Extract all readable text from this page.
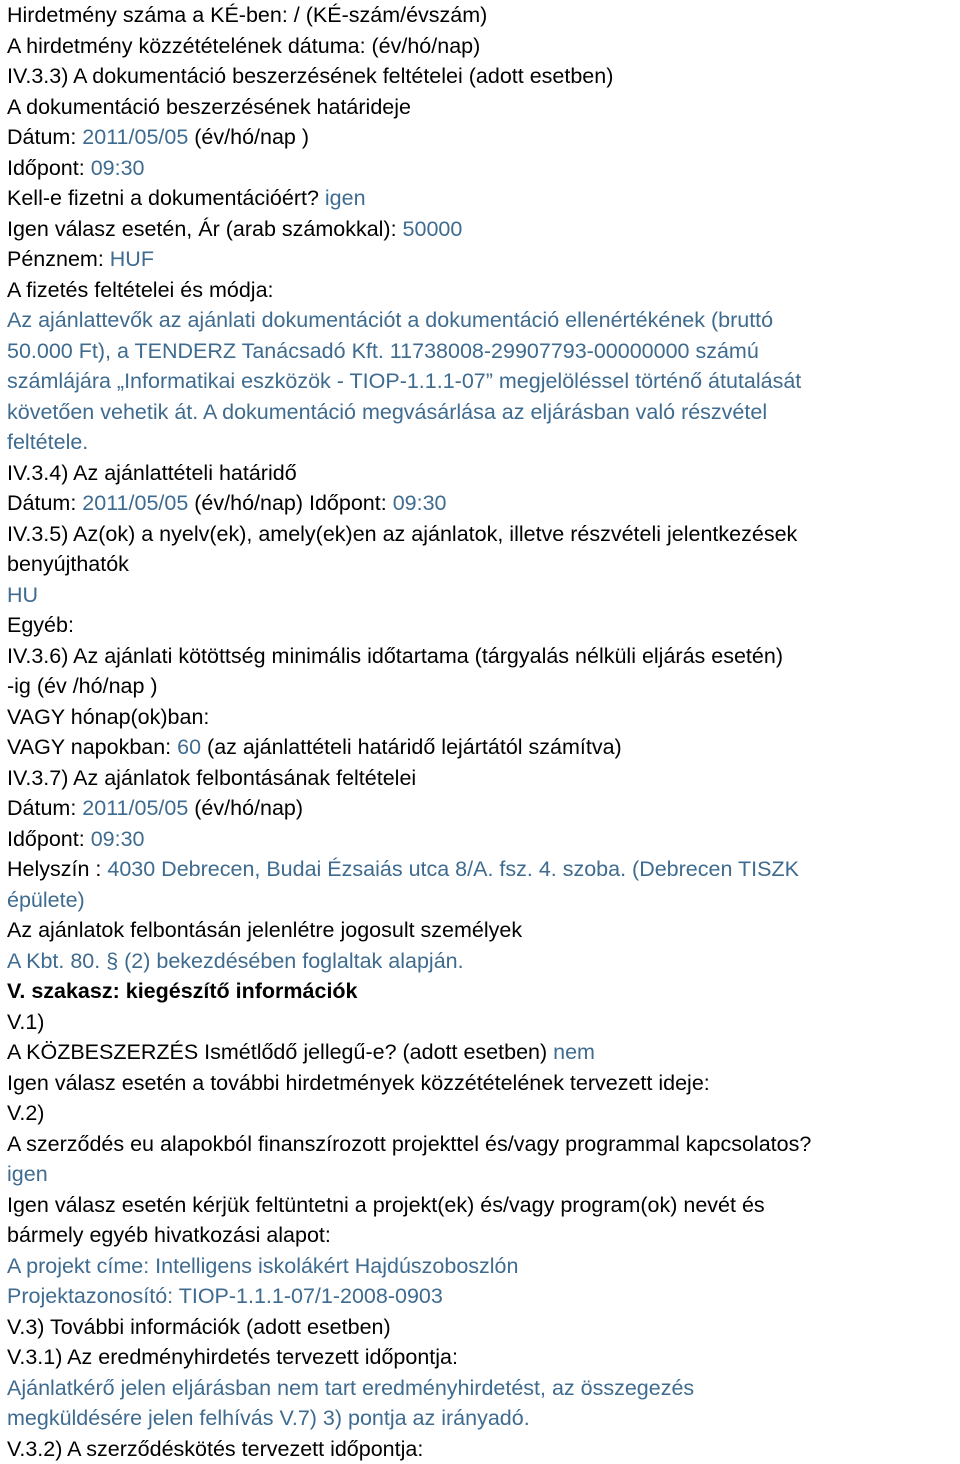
Hirdetmény száma a KÉ-ben: / (KÉ-szám/évszám)
A hirdetmény közzétételének dátuma: (év/hó/nap)
IV.3.3) A dokumentáció beszerzésének feltételei (adott esetben)
A dokumentáció beszerzésének határideje
Dátum: 2011/05/05 (év/hó/nap )
Időpont: 09:30
Kell-e fizetni a dokumentációért? igen
Igen válasz esetén, Ár (arab számokkal): 50000
Pénznem: HUF
A fizetés feltételei és módja:
Az ajánlattevők az ajánlati dokumentációt a dokumentáció ellenértékének (bruttó
50.000 Ft), a TENDERZ Tanácsadó Kft. 11738008-29907793-00000000 számú
számlájára „Informatikai eszközök - TIOP-1.1.1-07” megjelöléssel történő átutalását
követően vehetik át. A dokumentáció megvásárlása az eljárásban való részvétel
feltétele.
IV.3.4) Az ajánlattételi határidő
Dátum: 2011/05/05 (év/hó/nap) Időpont: 09:30
IV.3.5) Az(ok) a nyelv(ek), amely(ek)en az ajánlatok, illetve részvételi jelentkezések
benyújthatók
HU
Egyéb:
IV.3.6) Az ajánlati kötöttség minimális időtartama (tárgyalás nélküli eljárás esetén)
-ig (év /hó/nap )
VAGY hónap(ok)ban:
VAGY napokban: 60 (az ajánlattételi határidő lejártától számítva)
IV.3.7) Az ajánlatok felbontásának feltételei
Dátum: 2011/05/05 (év/hó/nap)
Időpont: 09:30
Helyszín : 4030 Debrecen, Budai Ézsaiás utca 8/A. fsz. 4. szoba. (Debrecen TISZK
épülete)
Az ajánlatok felbontásán jelenlétre jogosult személyek
A Kbt. 80. § (2) bekezdésében foglaltak alapján.
V. szakasz: kiegészítő információk
V.1)
A KÖZBESZERZÉS Ismétlődő jellegű-e? (adott esetben) nem
Igen válasz esetén a további hirdetmények közzétételének tervezett ideje:
V.2)
A szerződés eu alapokból finanszírozott projekttel és/vagy programmal kapcsolatos?
igen
Igen válasz esetén kérjük feltüntetni a projekt(ek) és/vagy program(ok) nevét és
bármely egyéb hivatkozási alapot:
A projekt címe: Intelligens iskolákért Hajdúszoboszlón
Projektazonosító: TIOP-1.1.1-07/1-2008-0903
V.3) További információk (adott esetben)
V.3.1) Az eredményhirdetés tervezett időpontja:
Ajánlatkérő jelen eljárásban nem tart eredményhirdetést, az összegezés
megküldésére jelen felhívás V.7) 3) pontja az irányadó.
V.3.2) A szerződéskötés tervezett időpontja:
